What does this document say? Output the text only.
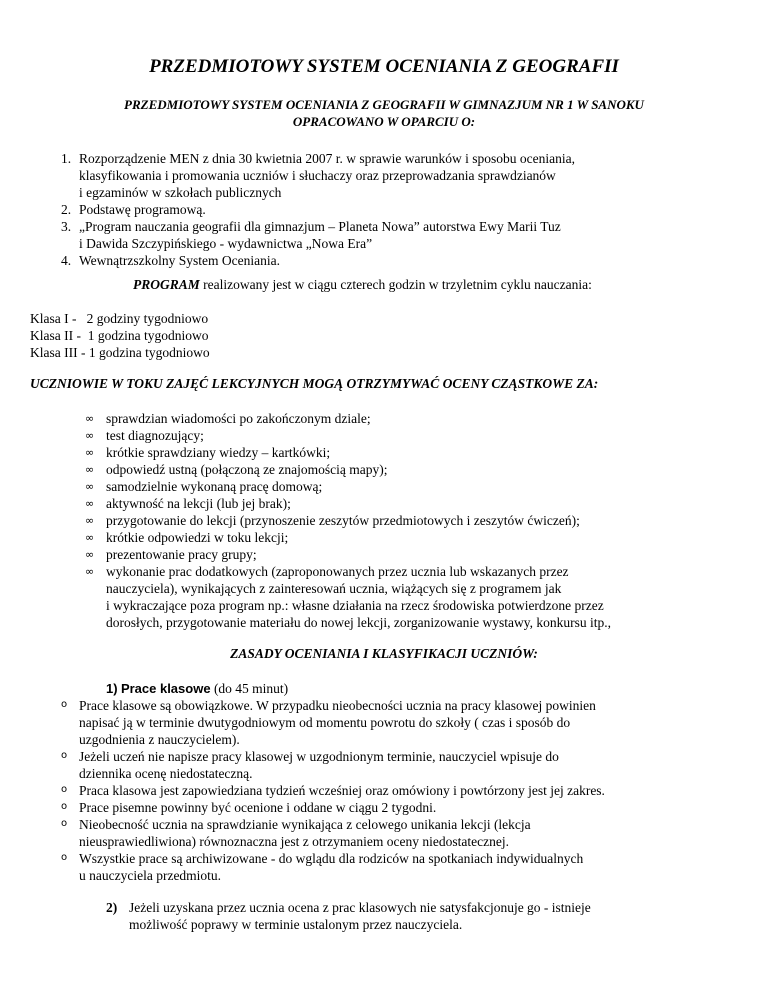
PRZEDMIOTOWY SYSTEM OCENIANIA Z GEOGRAFII
PRZEDMIOTOWY SYSTEM OCENIANIA Z GEOGRAFII W GIMNAZJUM NR 1 W SANOKU
OPRACOWANO W OPARCIU O:
1. Rozporządzenie MEN z dnia 30 kwietnia 2007 r. w sprawie warunków i sposobu oceniania,
klasyfikowania i promowania uczniów i słuchaczy oraz przeprowadzania sprawdzianów
i egzaminów w szkołach publicznych
2. Podstawę programową.
3. „Program nauczania geografii dla gimnazjum – Planeta Nowa” autorstwa Ewy Marii Tuz
i Dawida Szczypińskiego - wydawnictwa „Nowa Era”
4. Wewnątrzszkolny System Oceniania.
PROGRAM realizowany jest w ciągu czterech godzin w trzyletnim cyklu nauczania:
Klasa I -   2 godziny tygodniowo
Klasa II -  1 godzina tygodniowo
Klasa III - 1 godzina tygodniowo
UCZNIOWIE W TOKU ZAJĘĆ LEKCYJNYCH MOGĄ OTRZYMYWAĆ OCENY CZĄSTKOWE ZA:
∞ sprawdzian wiadomości po zakończonym dziale;
∞ test diagnozujący;
∞ krótkie sprawdziany wiedzy – kartkówki;
∞ odpowiedź ustną (połączoną ze znajomością mapy);
∞ samodzielnie wykonaną pracę domową;
∞ aktywność na lekcji (lub jej brak);
∞ przygotowanie do lekcji (przynoszenie zeszytów przedmiotowych i zeszytów ćwiczeń);
∞ krótkie odpowiedzi w toku lekcji;
∞ prezentowanie pracy grupy;
∞ wykonanie prac dodatkowych (zaproponowanych przez ucznia lub wskazanych przez
nauczyciela), wynikających z zainteresowań ucznia, wiążących się z programem jak
i wykraczające poza program np.: własne działania na rzecz środowiska potwierdzone przez
dorosłych, przygotowanie materiału do nowej lekcji, zorganizowanie wystawy, konkursu itp.,
ZASADY OCENIANIA I KLASYFIKACJI UCZNIÓW:
1) Prace klasowe (do 45 minut)
o Prace klasowe są obowiązkowe. W przypadku nieobecności ucznia na pracy klasowej powinien
napisać ją w terminie dwutygodniowym od momentu powrotu do szkoły ( czas i sposób do
uzgodnienia z nauczycielem).
o Jeżeli uczeń nie napisze pracy klasowej w uzgodnionym terminie, nauczyciel wpisuje do
dziennika ocenę niedostateczną.
o Praca klasowa jest zapowiedziana tydzień wcześniej oraz omówiony i powtórzony jest jej zakres.
o Prace pisemne powinny być ocenione i oddane w ciągu 2 tygodni.
o Nieobecność ucznia na sprawdzianie wynikająca z celowego unikania lekcji (lekcja
nieusprawiedliwiona) równoznaczna jest z otrzymaniem oceny niedostatecznej.
o Wszystkie prace są archiwizowane - do wglądu dla rodziców na spotkaniach indywidualnych
u nauczyciela przedmiotu.
2) Jeżeli uzyskana przez ucznia ocena z prac klasowych nie satysfakcjonuje go - istnieje
możliwość poprawy w terminie ustalonym przez nauczyciela.
